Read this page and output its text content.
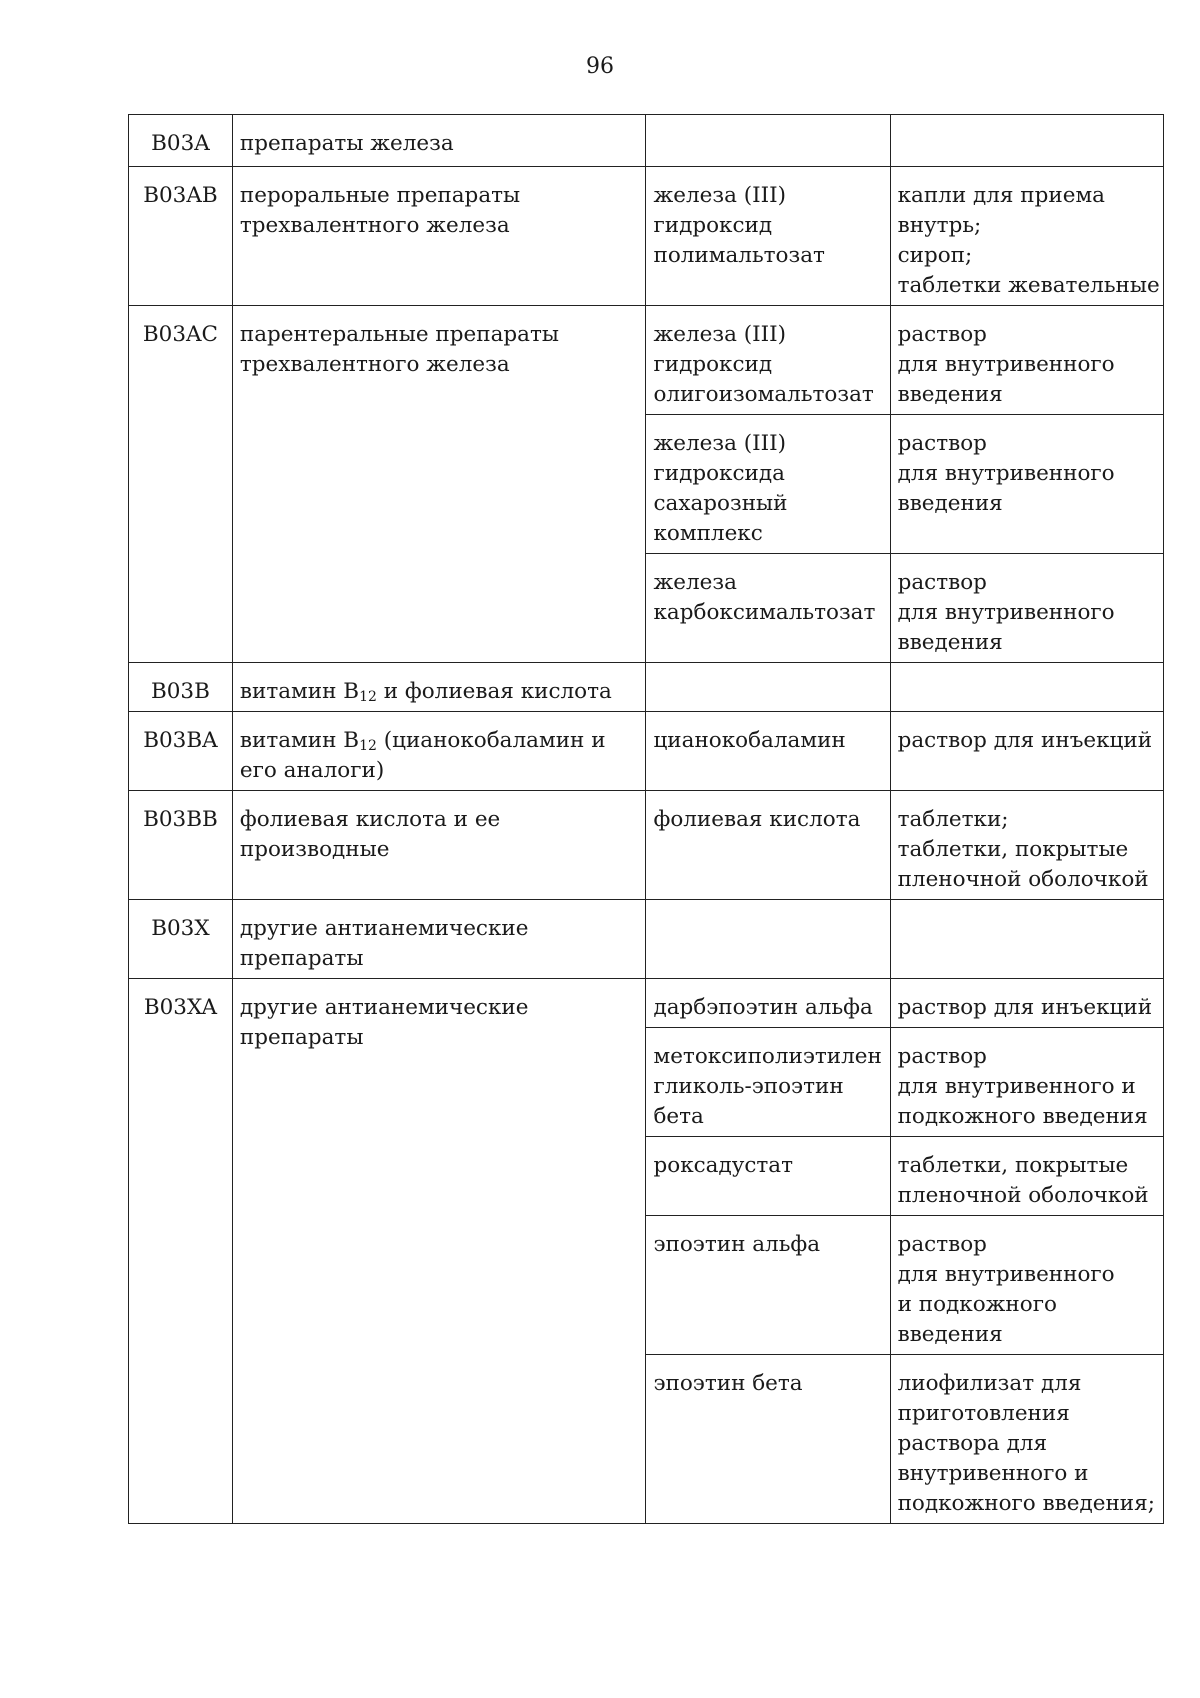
96
B03A	препараты железа		

B03AB	пероральные препараты
трехвалентного железа	железа (III)
гидроксид
полимальтозат	капли для приема
внутрь;
сироп;
таблетки жевательные

B03AC	парентеральные препараты
трехвалентного железа	железа (III)
гидроксид
олигоизомальтозат	раствор
для внутривенного
введения

		железа (III)
гидроксида
сахарозный
комплекс	раствор
для внутривенного
введения

		железа
карбоксимальтозат	раствор
для внутривенного
введения

B03B	витамин $B_{12}$ и фолиевая кислота		

B03BA	витамин $B_{12}$ (цианокобаламин и
его аналоги)	цианокобаламин	раствор для инъекций

B03BB	фолиевая кислота и ее
производные	фолиевая кислота	таблетки;
таблетки, покрытые
пленочной оболочкой

B03X	другие антианемические
препараты		

B03XA	другие антианемические
препараты	дарбэпоэтин альфа	раствор для инъекций

		метоксиполиэтилен
гликоль-эпоэтин
бета	раствор
для внутривенного и
подкожного введения

		роксадустат	таблетки, покрытые
пленочной оболочкой

		эпоэтин альфа	раствор
для внутривенного
и подкожного
введения

		эпоэтин бета	лиофилизат для
приготовления
раствора для
внутривенного и
подкожного введения;
